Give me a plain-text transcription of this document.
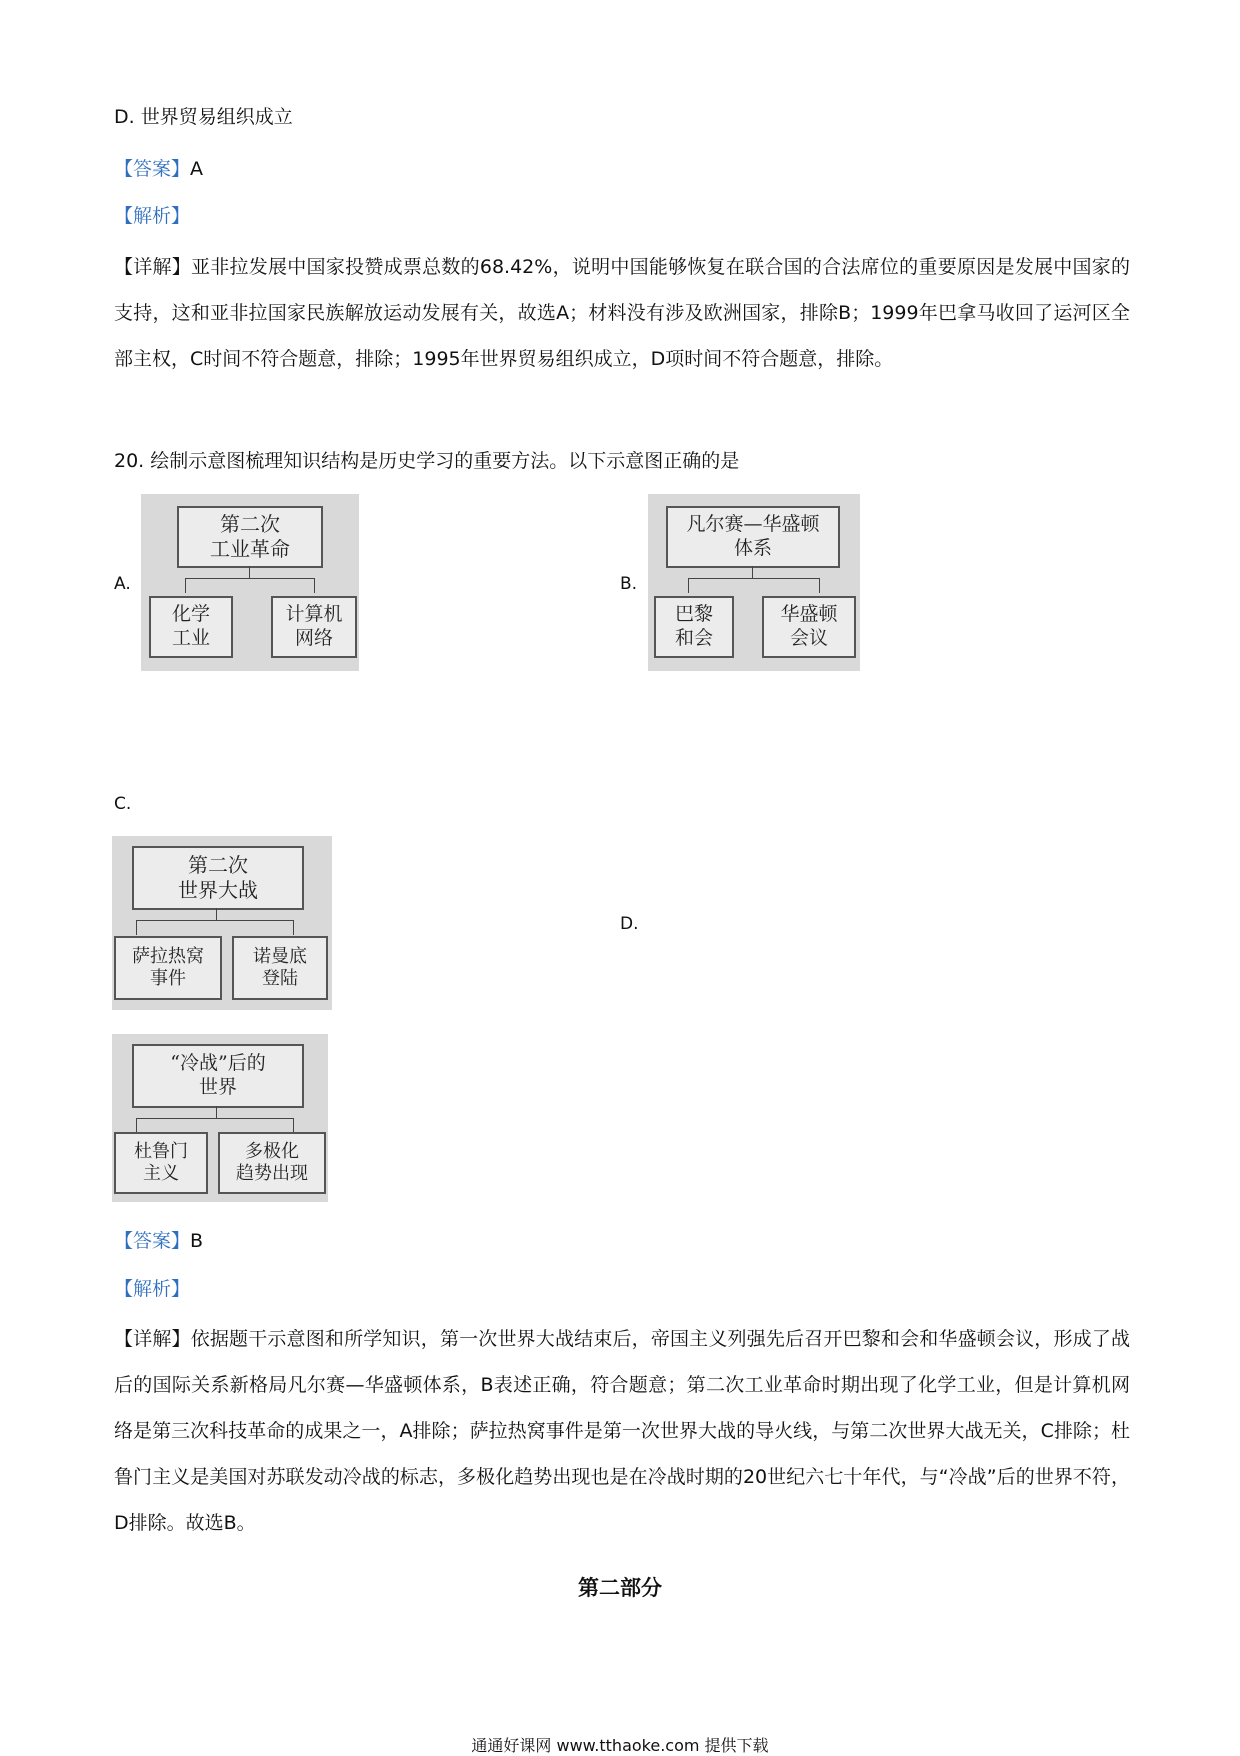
D. 世界贸易组织成立
【答案】A
【解析】
【详解】亚非拉发展中国家投赞成票总数的68.42%，说明中国能够恢复在联合国的合法席位的重要原因是发展中国家的支持，这和亚非拉国家民族解放运动发展有关，故选A；材料没有涉及欧洲国家，排除B；1999年巴拿马收回了运河区全部主权，C时间不符合题意，排除；1995年世界贸易组织成立，D项时间不符合题意，排除。
20. 绘制示意图梳理知识结构是历史学习的重要方法。以下示意图正确的是
A.
第二次
工业革命
化学
工业
计算机
网络
B.
凡尔赛—华盛顿
体系
巴黎
和会
华盛顿
会议
C.
第二次
世界大战
萨拉热窝
事件
诺曼底
登陆
D.
“冷战”后的
世界
杜鲁门
主义
多极化
趋势出现
【答案】B
【解析】
【详解】依据题干示意图和所学知识，第一次世界大战结束后，帝国主义列强先后召开巴黎和会和华盛顿会议，形成了战后的国际关系新格局凡尔赛—华盛顿体系，B表述正确，符合题意；第二次工业革命时期出现了化学工业，但是计算机网络是第三次科技革命的成果之一，A排除；萨拉热窝事件是第一次世界大战的导火线，与第二次世界大战无关，C排除；杜鲁门主义是美国对苏联发动冷战的标志，多极化趋势出现也是在冷战时期的20世纪六七十年代，与“冷战”后的世界不符，D排除。故选B。
第二部分
通通好课网 www.tthaoke.com 提供下载
